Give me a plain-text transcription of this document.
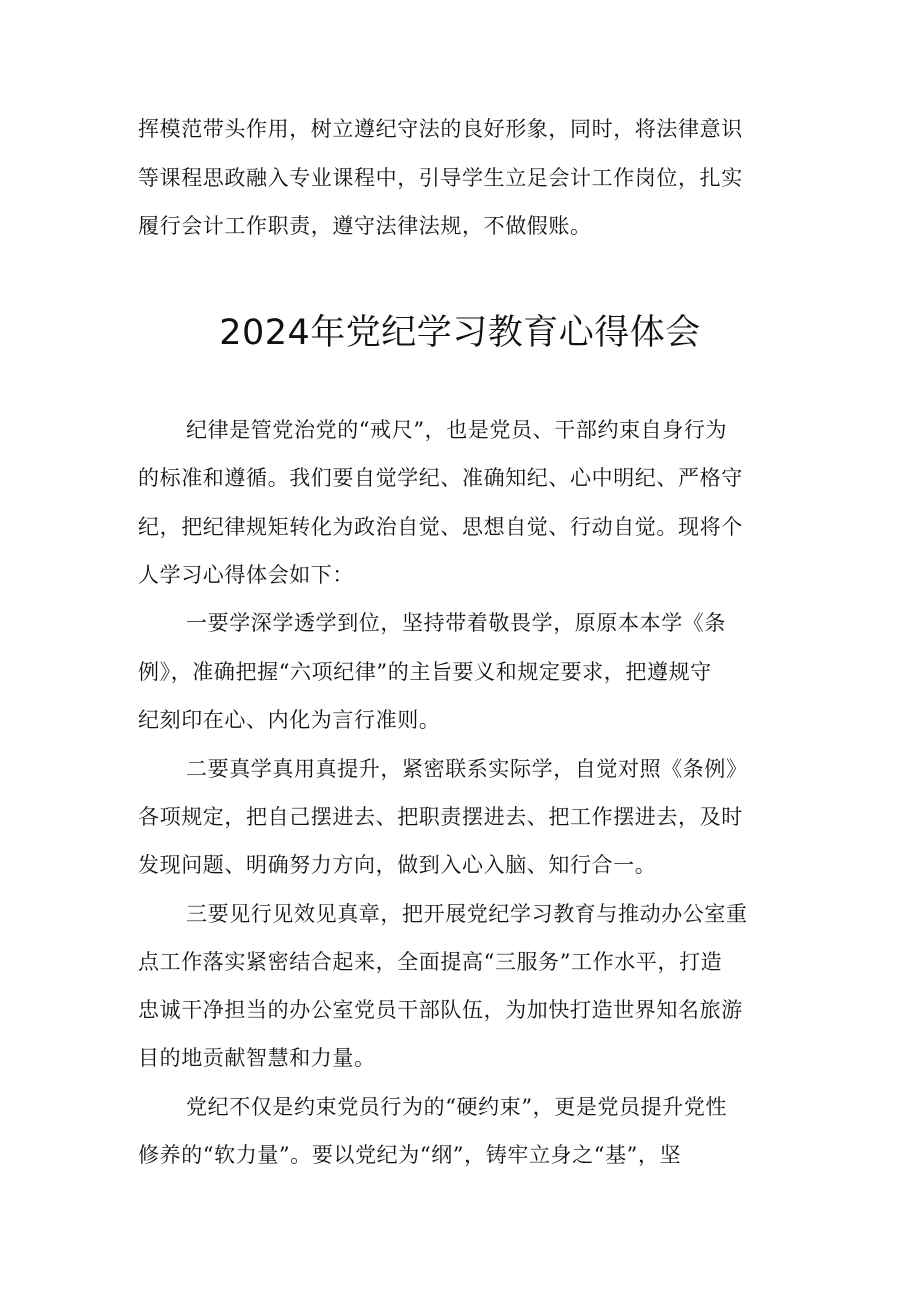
挥模范带头作用，树立遵纪守法的良好形象，同时，将法律意识
等课程思政融入专业课程中，引导学生立足会计工作岗位，扎实
履行会计工作职责，遵守法律法规，不做假账。
2024年党纪学习教育心得体会
纪律是管党治党的“戒尺”，也是党员、干部约束自身行为
的标准和遵循。我们要自觉学纪、准确知纪、心中明纪、严格守
纪，把纪律规矩转化为政治自觉、思想自觉、行动自觉。现将个
人学习心得体会如下：
一要学深学透学到位，坚持带着敬畏学，原原本本学《条
例》，准确把握“六项纪律”的主旨要义和规定要求，把遵规守
纪刻印在心、内化为言行准则。
二要真学真用真提升，紧密联系实际学，自觉对照《条例》
各项规定，把自己摆进去、把职责摆进去、把工作摆进去，及时
发现问题、明确努力方向，做到入心入脑、知行合一。
三要见行见效见真章，把开展党纪学习教育与推动办公室重
点工作落实紧密结合起来，全面提高“三服务”工作水平，打造
忠诚干净担当的办公室党员干部队伍，为加快打造世界知名旅游
目的地贡献智慧和力量。
党纪不仅是约束党员行为的“硬约束”，更是党员提升党性
修养的“软力量”。要以党纪为“纲”，铸牢立身之“基”，坚
